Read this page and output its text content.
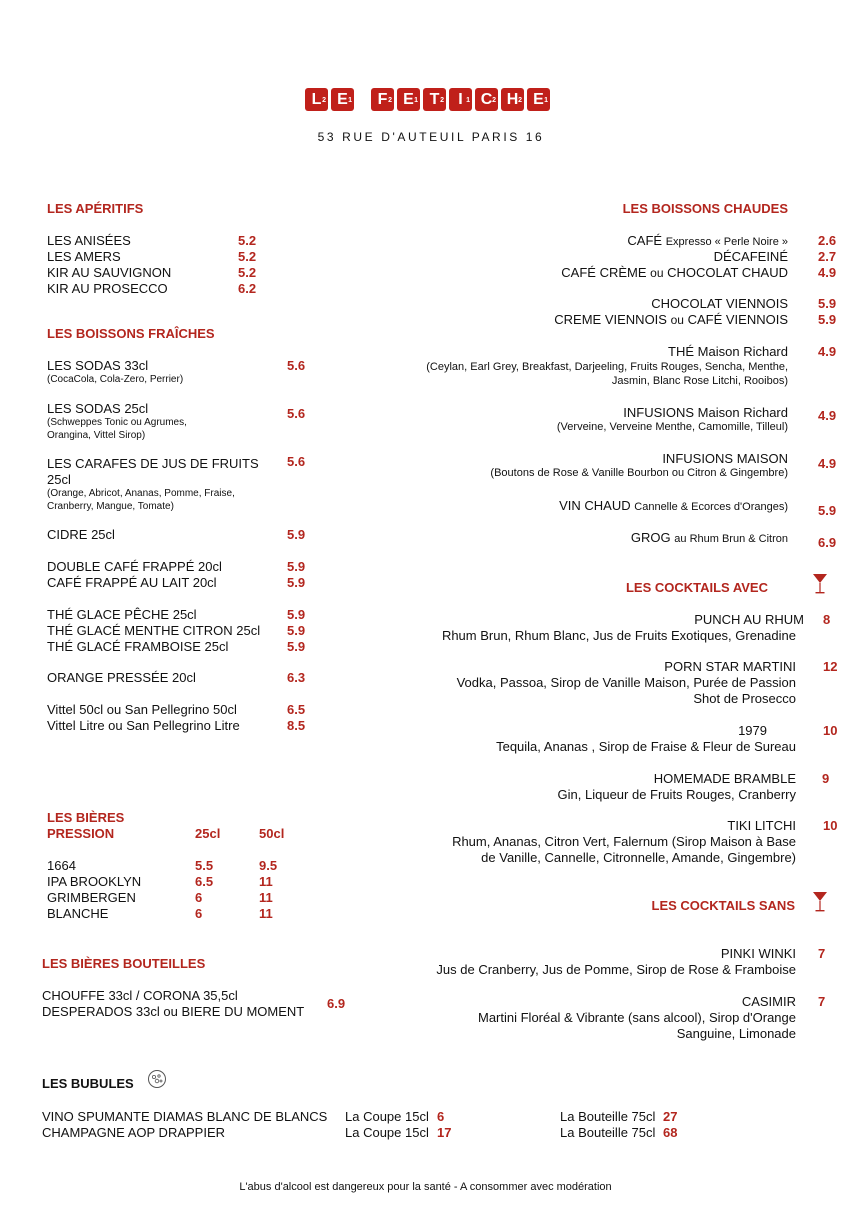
L 2 E 1 F 2 E 1 T 2 I 1 C 2 H 2 E 1
53 RUE D'AUTEUIL PARIS 16
LES APÉRITIFS
LES ANISÉES	5.2
LES AMERS	5.2
KIR AU SAUVIGNON	5.2
KIR AU PROSECCO	6.2
LES BOISSONS FRAÎCHES
LES SODAS 33cl
(CocaCola, Cola-Zero, Perrier)
5.6
LES SODAS 25cl
(Schweppes Tonic ou Agrumes,
Orangina, Vittel Sirop)
5.6
LES CARAFES DE JUS DE FRUITS
25cl
(Orange, Abricot, Ananas, Pomme, Fraise,
Cranberry, Mangue, Tomate)
5.6
CIDRE 25cl	5.9
DOUBLE CAFÉ FRAPPÉ 20cl	5.9
CAFÉ FRAPPÉ AU LAIT 20cl	5.9
THÉ GLACE PÊCHE 25cl	5.9
THÉ GLACÉ MENTHE CITRON 25cl 5.9
THÉ GLACÉ FRAMBOISE 25cl	5.9
ORANGE PRESSÉE 20cl	6.3
Vittel 50cl ou San Pellegrino 50cl	6.5
Vittel Litre ou San Pellegrino Litre	8.5
LES BIÈRES
PRESSION	25cl	50cl
1664	5.5	9.5
IPA BROOKLYN	6.5	11
GRIMBERGEN	6	11
BLANCHE	6	11
LES BIÈRES BOUTEILLES
CHOUFFE 33cl / CORONA 35,5cl
DESPERADOS 33cl ou BIERE DU MOMENT
6.9
LES BUBULES
VINO SPUMANTE DIAMAS BLANC DE BLANCS La Coupe 15cl 6	La Bouteille 75cl 27
CHAMPAGNE AOP DRAPPIER	La Coupe 15cl 17	La Bouteille 75cl 68
L'abus d'alcool est dangereux pour la santé - A consommer avec modération
LES BOISSONS CHAUDES
CAFÉ Expresso « Perle Noire » 2.6
DÉCAFEINÉ 2.7
CAFÉ CRÈME ou CHOCOLAT CHAUD 4.9
CHOCOLAT VIENNOIS 5.9
CREME VIENNOIS ou CAFÉ VIENNOIS 5.9
THÉ Maison Richard
(Ceylan, Earl Grey, Breakfast, Darjeeling, Fruits Rouges, Sencha, Menthe,
Jasmin, Blanc Rose Litchi, Rooibos)
4.9
INFUSIONS Maison Richard
(Verveine, Verveine Menthe, Camomille, Tilleul)
4.9
INFUSIONS MAISON
(Boutons de Rose & Vanille Bourbon ou Citron & Gingembre)
4.9
VIN CHAUD Cannelle & Ecorces d'Oranges) 5.9
GROG au Rhum Brun & Citron 6.9
LES COCKTAILS AVEC
PUNCH AU RHUM
Rhum Brun, Rhum Blanc, Jus de Fruits Exotiques, Grenadine
8
PORN STAR MARTINI
Vodka, Passoa, Sirop de Vanille Maison, Purée de Passion
Shot de Prosecco
12
1979
Tequila, Ananas , Sirop de Fraise & Fleur de Sureau
10
HOMEMADE BRAMBLE
Gin, Liqueur de Fruits Rouges, Cranberry
9
TIKI LITCHI
Rhum, Ananas, Citron Vert, Falernum (Sirop Maison à Base
de Vanille, Cannelle, Citronnelle, Amande, Gingembre)
10
LES COCKTAILS SANS
PINKI WINKI
Jus de Cranberry, Jus de Pomme, Sirop de Rose & Framboise
7
CASIMIR
Martini Floréal & Vibrante (sans alcool), Sirop d'Orange
Sanguine, Limonade
7
